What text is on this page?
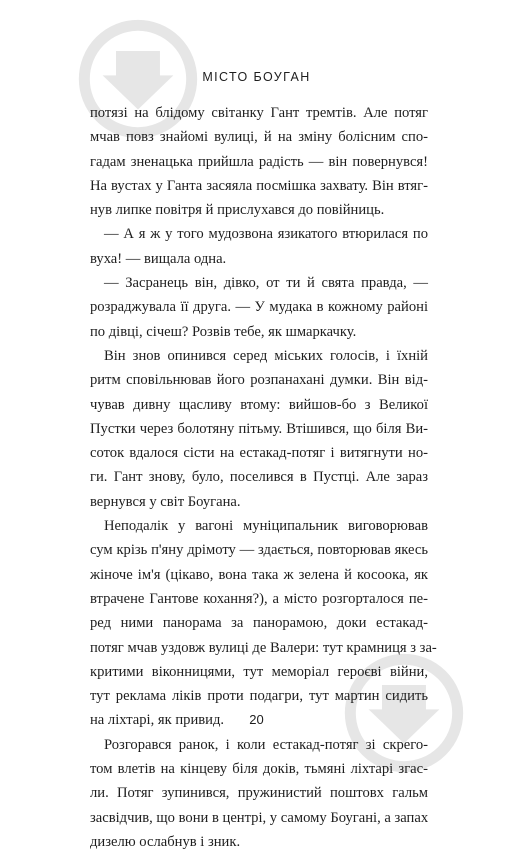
МІСТО БОУГАН
потязі на блідому світанку Гант тремтів. Але потяг
мчав повз знайомі вулиці, й на зміну болісним спо-
гадам зненацька прийшла радість — він повернувся!
На вустах у Ганта засяяла посмішка захвату. Він втяг-
нув липке повітря й прислухався до повійниць.
— А я ж у того мудозвона язикатого втюрилася по
вуха! — вищала одна.
— Засранець він, дівко, от ти й свята правда, —
розраджувала її друга. — У мудака в кожному районі
по дівці, січеш? Розвів тебе, як шмаркачку.
Він знов опинився серед міських голосів, і їхній
ритм сповільнював його розпанахані думки. Він від-
чував дивну щасливу втому: вийшов-бо з Великої
Пустки через болотяну пітьму. Втішився, що біля Ви-
соток вдалося сісти на естакад-потяг і витягнути но-
ги. Гант знову, було, поселився в Пустці. Але зараз
вернувся у світ Боугана.
Неподалік у вагоні муніципальник виговорював
сум крізь п'яну дрімоту — здається, повторював якесь
жіноче ім'я (цікаво, вона така ж зелена й косоока, як
втрачене Гантове кохання?), а місто розгорталося пе-
ред ними панорама за панорамою, доки естакад-
потяг мчав уздовж вулиці де Валери: тут крамниця з за-
критими віконницями, тут меморіал героєві війни,
тут реклама ліків проти подагри, тут мартин сидить
на ліхтарі, як привид.
Розгорався ранок, і коли естакад-потяг зі скрего-
том влетів на кінцеву біля доків, тьмяні ліхтарі згас-
ли. Потяг зупинився, пружинистий поштовх гальм
засвідчив, що вони в центрі, у самому Боугані, а запах
дизелю ослабнув і зник.
20
